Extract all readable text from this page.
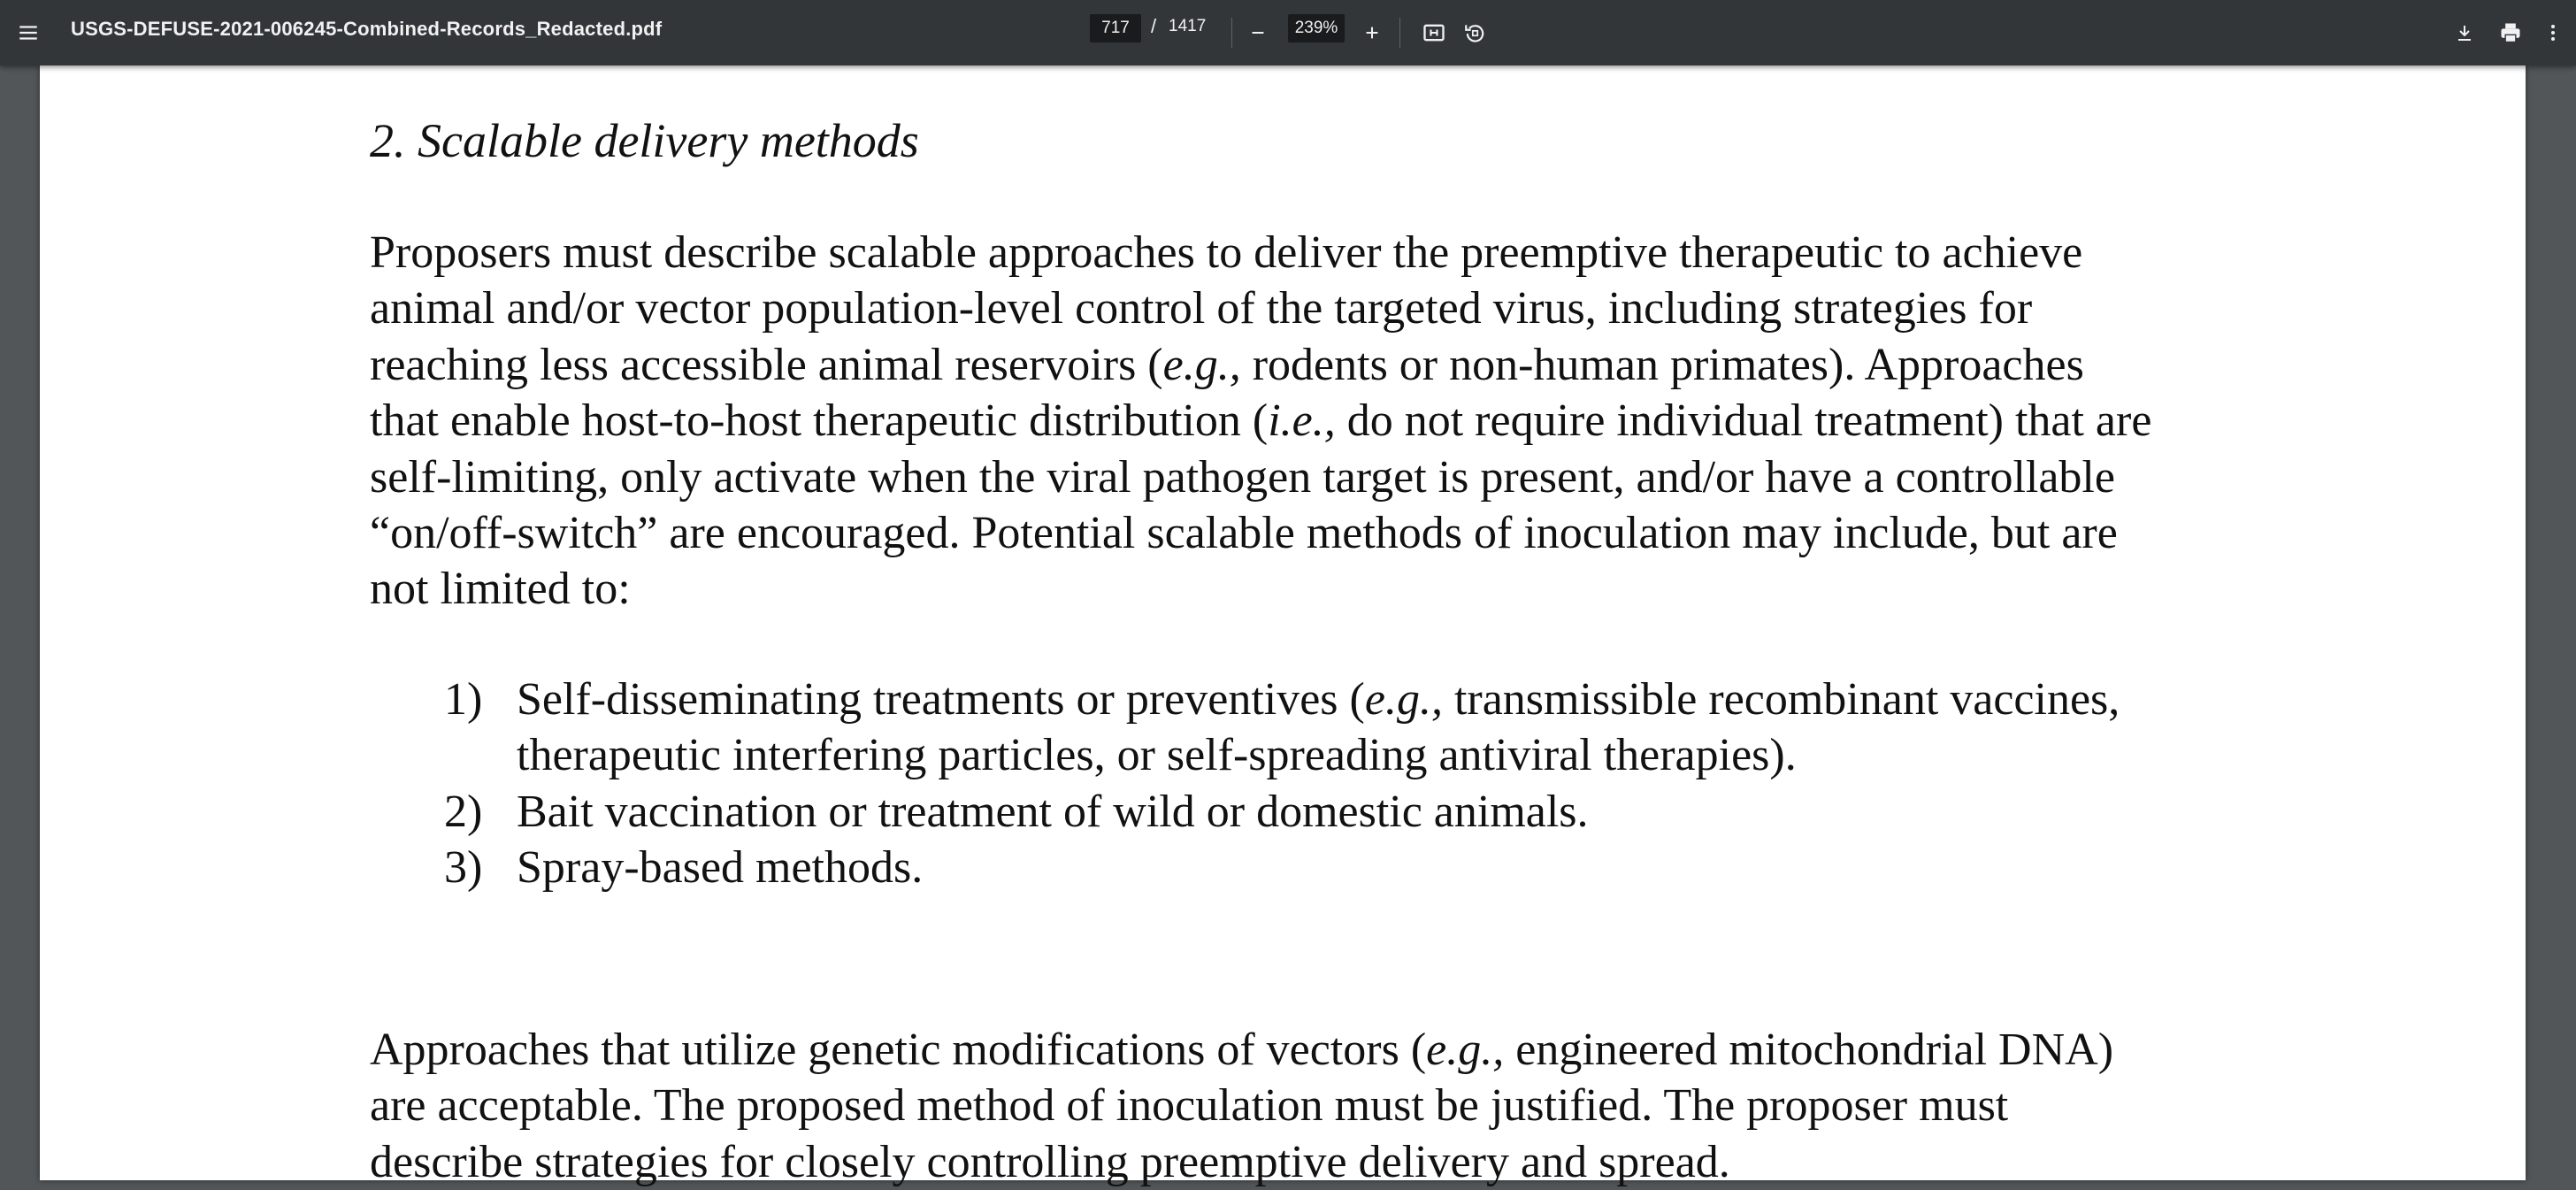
USGS-DEFUSE-2021-006245-Combined-Records_Redacted.pdf	717	/ 1417	239%
2. Scalable delivery methods
Proposers must describe scalable approaches to deliver the preemptive therapeutic to achieve
animal and/or vector population-level control of the targeted virus, including strategies for
reaching less accessible animal reservoirs (e.g., rodents or non-human primates). Approaches
that enable host-to-host therapeutic distribution (i.e., do not require individual treatment) that are
self-limiting, only activate when the viral pathogen target is present, and/or have a controllable
“on/off-switch” are encouraged. Potential scalable methods of inoculation may include, but are
not limited to:
1) Self-disseminating treatments or preventives (e.g., transmissible recombinant vaccines,
therapeutic interfering particles, or self-spreading antiviral therapies).
2) Bait vaccination or treatment of wild or domestic animals.
3) Spray-based methods.
Approaches that utilize genetic modifications of vectors (e.g., engineered mitochondrial DNA)
are acceptable. The proposed method of inoculation must be justified. The proposer must
describe strategies for closely controlling preemptive delivery and spread.
